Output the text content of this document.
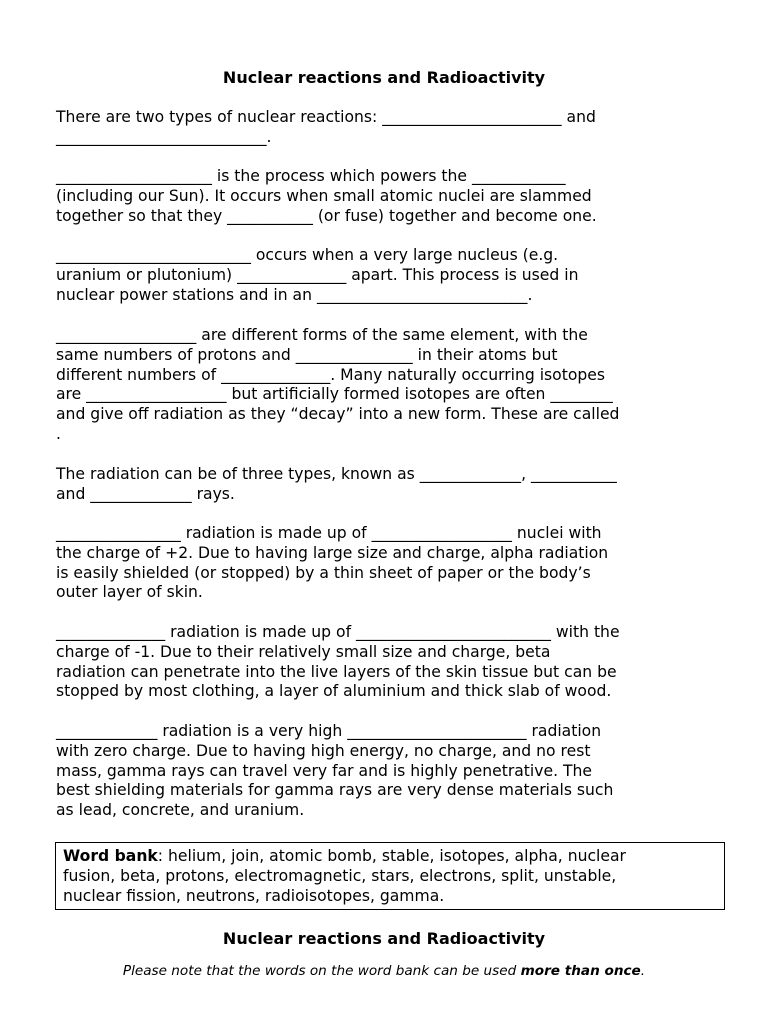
Nuclear reactions and Radioactivity
There are two types of nuclear reactions: _______________________ and
___________________________.
____________________ is the process which powers the ____________
(including our Sun). It occurs when small atomic nuclei are slammed
together so that they ___________ (or fuse) together and become one.
_________________________ occurs when a very large nucleus (e.g.
uranium or plutonium) ______________ apart. This process is used in
nuclear power stations and in an ___________________________.
__________________ are different forms of the same element, with the
same numbers of protons and _______________ in their atoms but
different numbers of ______________. Many naturally occurring isotopes
are __________________ but artificially formed isotopes are often ________
and give off radiation as they “decay” into a new form. These are called
.
The radiation can be of three types, known as _____________, ___________
and _____________ rays.
________________ radiation is made up of __________________ nuclei with
the charge of +2. Due to having large size and charge, alpha radiation
is easily shielded (or stopped) by a thin sheet of paper or the body’s
outer layer of skin.
______________ radiation is made up of _________________________ with the
charge of -1. Due to their relatively small size and charge, beta
radiation can penetrate into the live layers of the skin tissue but can be
stopped by most clothing, a layer of aluminium and thick slab of wood.
_____________ radiation is a very high _______________________ radiation
with zero charge. Due to having high energy, no charge, and no rest
mass, gamma rays can travel very far and is highly penetrative. The
best shielding materials for gamma rays are very dense materials such
as lead, concrete, and uranium.
Word bank: helium, join, atomic bomb, stable, isotopes, alpha, nuclear
fusion, beta, protons, electromagnetic, stars, electrons, split, unstable,
nuclear fission, neutrons, radioisotopes, gamma.
Nuclear reactions and Radioactivity
Please note that the words on the word bank can be used more than once.
